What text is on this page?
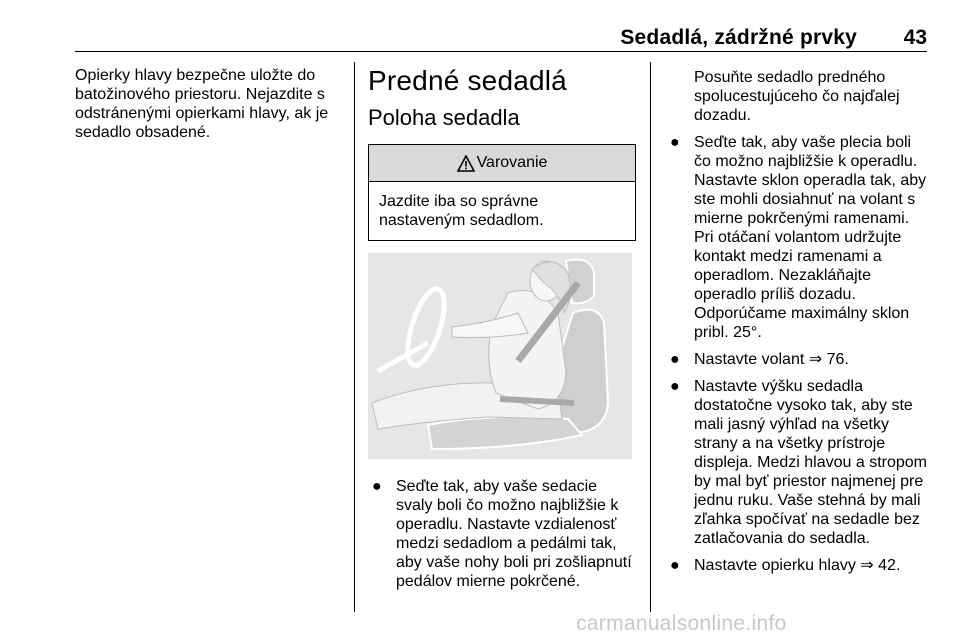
Sedadlá, zádržné prvky 43

Opierky hlavy bezpečne uložte do batožinového priestoru. Nejazdite s odstránenými opierkami hlavy, ak je sedadlo obsadené.

Predné sedadlá
Poloha sedadla
Varovanie
Jazdite iba so správne nastaveným sedadlom.
● Seďte tak, aby vaše sedacie svaly boli čo možno najbližšie k operadlu. Nastavte vzdialenosť medzi sedadlom a pedálmi tak, aby vaše nohy boli pri zošliapnutí pedálov mierne pokrčené.
Posuňte sedadlo predného spolucestujúceho čo najďalej dozadu.
● Seďte tak, aby vaše plecia boli čo možno najbližšie k operadlu. Nastavte sklon operadla tak, aby ste mohli dosiahnuť na volant s mierne pokrčenými ramenami. Pri otáčaní volantom udržujte kontakt medzi ramenami a operadlom. Nezakláňajte operadlo príliš dozadu. Odporúčame maximálny sklon pribl. 25°.
● Nastavte volant ⇒ 76.
● Nastavte výšku sedadla dostatočne vysoko tak, aby ste mali jasný výhľad na všetky strany a na všetky prístroje displeja. Medzi hlavou a stropom by mal byť priestor najmenej pre jednu ruku. Vaše stehná by mali zľahka spočívať na sedadle bez zatlačovania do sedadla.
● Nastavte opierku hlavy ⇒ 42.
carmanualsonline.info
